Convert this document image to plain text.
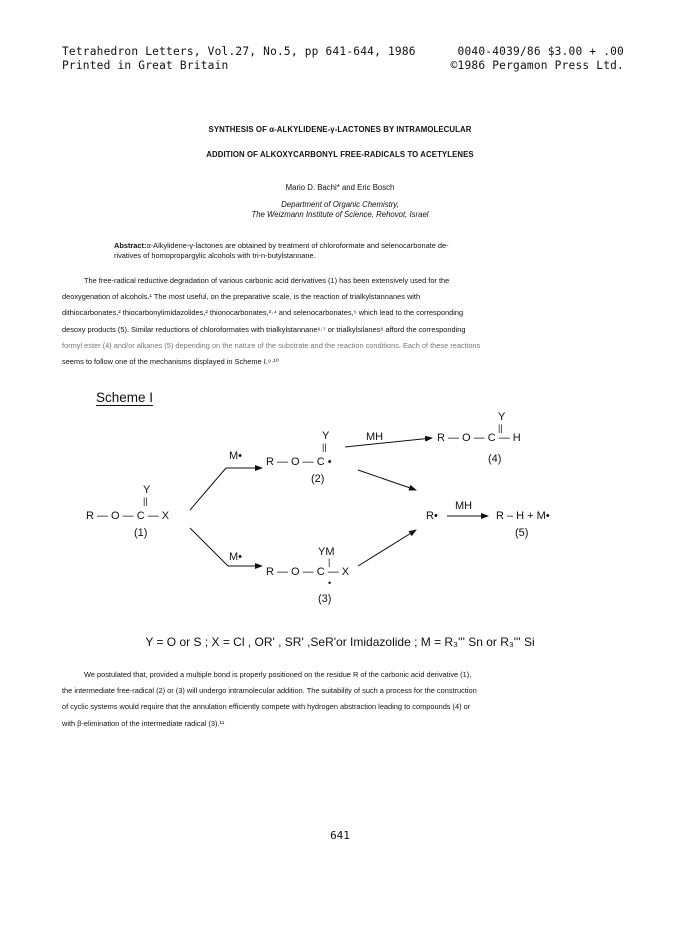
Tetrahedron Letters, Vol.27, No.5, pp 641-644, 1986
Printed in Great Britain
0040-4039/86 $3.00 + .00
©1986 Pergamon Press Ltd.
SYNTHESIS OF α-ALKYLIDENE-γ-LACTONES BY INTRAMOLECULAR
ADDITION OF ALKOXYCARBONYL FREE-RADICALS TO ACETYLENES
Mario D. Bachi* and Eric Bosch
Department of Organic Chemistry,
The Weizmann Institute of Science, Rehovot, Israel
Abstract:α-Alkylidene-γ-lactones are obtained by treatment of chloroformate and selenocarbonate de-
rivatives of homopropargylic alcohols with tri-n-butylstannane.

The free-radical reductive degradation of various carbonic acid derivatives (1) has been extensively used for the

deoxygenation of alcohols.¹ The most useful, on the preparative scale, is the reaction of trialkylstannanes with

dithiocarbonates,² thiocarbonylimidazolides,² thionocarbonates,³·⁴ and selenocarbonates,⁵ which lead to the corresponding

desoxy products (5). Similar reductions of chloroformates with trialkylstannane⁶·⁷ or trialkylsilanes⁸ afford the corresponding

formyl ester (4) and/or alkanes (5) depending on the nature of the substrate and the reaction conditions. Each of these reactions

seems to follow one of the mechanisms displayed in Scheme I.⁹·¹⁰

Scheme I
Y
||
R — O — C — X
(1)
M•
M•
Y
||
R — O — C •
(2)
MH
Y
||
R — O — C — H
(4)
R•
MH
R – H + M•
(5)
YM
|
R — O — C — X
•
(3)
Y = O or S ; X = Cl , OR' , SR' ,SeR'or Imidazolide ; M = R₃''' Sn or R₃''' Si

We postulated that, provided a multiple bond is properly positioned on the residue R of the carbonic acid derivative (1),

the intermediate free-radical (2) or (3) will undergo intramolecular addition. The suitability of such a process for the construction

of cyclic systems would require that the annulation efficiently compete with hydrogen abstraction leading to compounds (4) or

with β-elimination of the intermediate radical (3).¹¹

641
